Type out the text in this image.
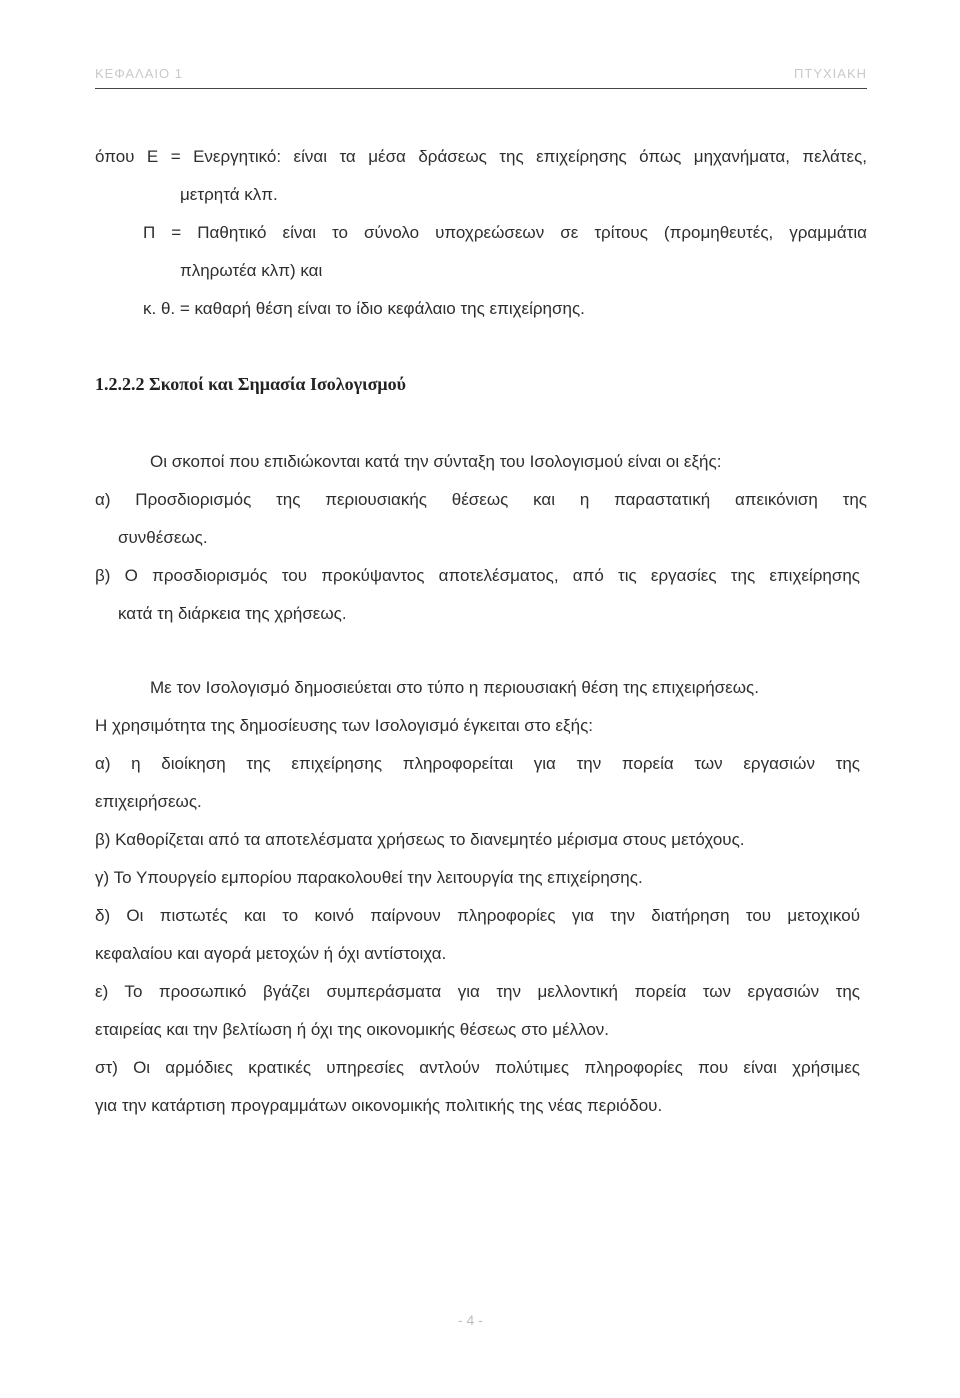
ΚΕΦΑΛΑΙΟ 1	ΠΤΥΧΙΑΚΗ
όπου Ε = Ενεργητικό: είναι τα μέσα δράσεως της επιχείρησης όπως μηχανήματα, πελάτες,
μετρητά κλπ.
Π = Παθητικό είναι το σύνολο υποχρεώσεων σε τρίτους (προμηθευτές, γραμμάτια
πληρωτέα κλπ) και
κ. θ. = καθαρή θέση είναι το ίδιο κεφάλαιο της επιχείρησης.
1.2.2.2 Σκοποί και Σημασία Ισολογισμού
Οι σκοποί που επιδιώκονται κατά την σύνταξη του Ισολογισμού είναι οι εξής:
α) Προσδιορισμός της περιουσιακής θέσεως και η παραστατική απεικόνιση της
συνθέσεως.
β) Ο προσδιορισμός του προκύψαντος αποτελέσματος, από τις εργασίες της επιχείρησης
κατά τη διάρκεια της χρήσεως.
Με τον Ισολογισμό δημοσιεύεται στο τύπο η περιουσιακή θέση της επιχειρήσεως.
Η χρησιμότητα της δημοσίευσης των Ισολογισμό έγκειται στο εξής:
α) η διοίκηση της επιχείρησης πληροφορείται για την πορεία των εργασιών της
επιχειρήσεως.
β) Καθορίζεται από τα αποτελέσματα χρήσεως το διανεμητέο μέρισμα στους μετόχους.
γ) Το Υπουργείο εμπορίου παρακολουθεί την λειτουργία της επιχείρησης.
δ) Οι πιστωτές και το κοινό παίρνουν πληροφορίες για την διατήρηση του μετοχικού
κεφαλαίου και αγορά μετοχών ή όχι αντίστοιχα.
ε) Το προσωπικό βγάζει συμπεράσματα για την μελλοντική πορεία των εργασιών της
εταιρείας και την βελτίωση ή όχι της οικονομικής θέσεως στο μέλλον.
στ) Οι αρμόδιες κρατικές υπηρεσίες αντλούν πολύτιμες πληροφορίες που είναι χρήσιμες
για την κατάρτιση προγραμμάτων οικονομικής πολιτικής της νέας περιόδου.
- 4 -
